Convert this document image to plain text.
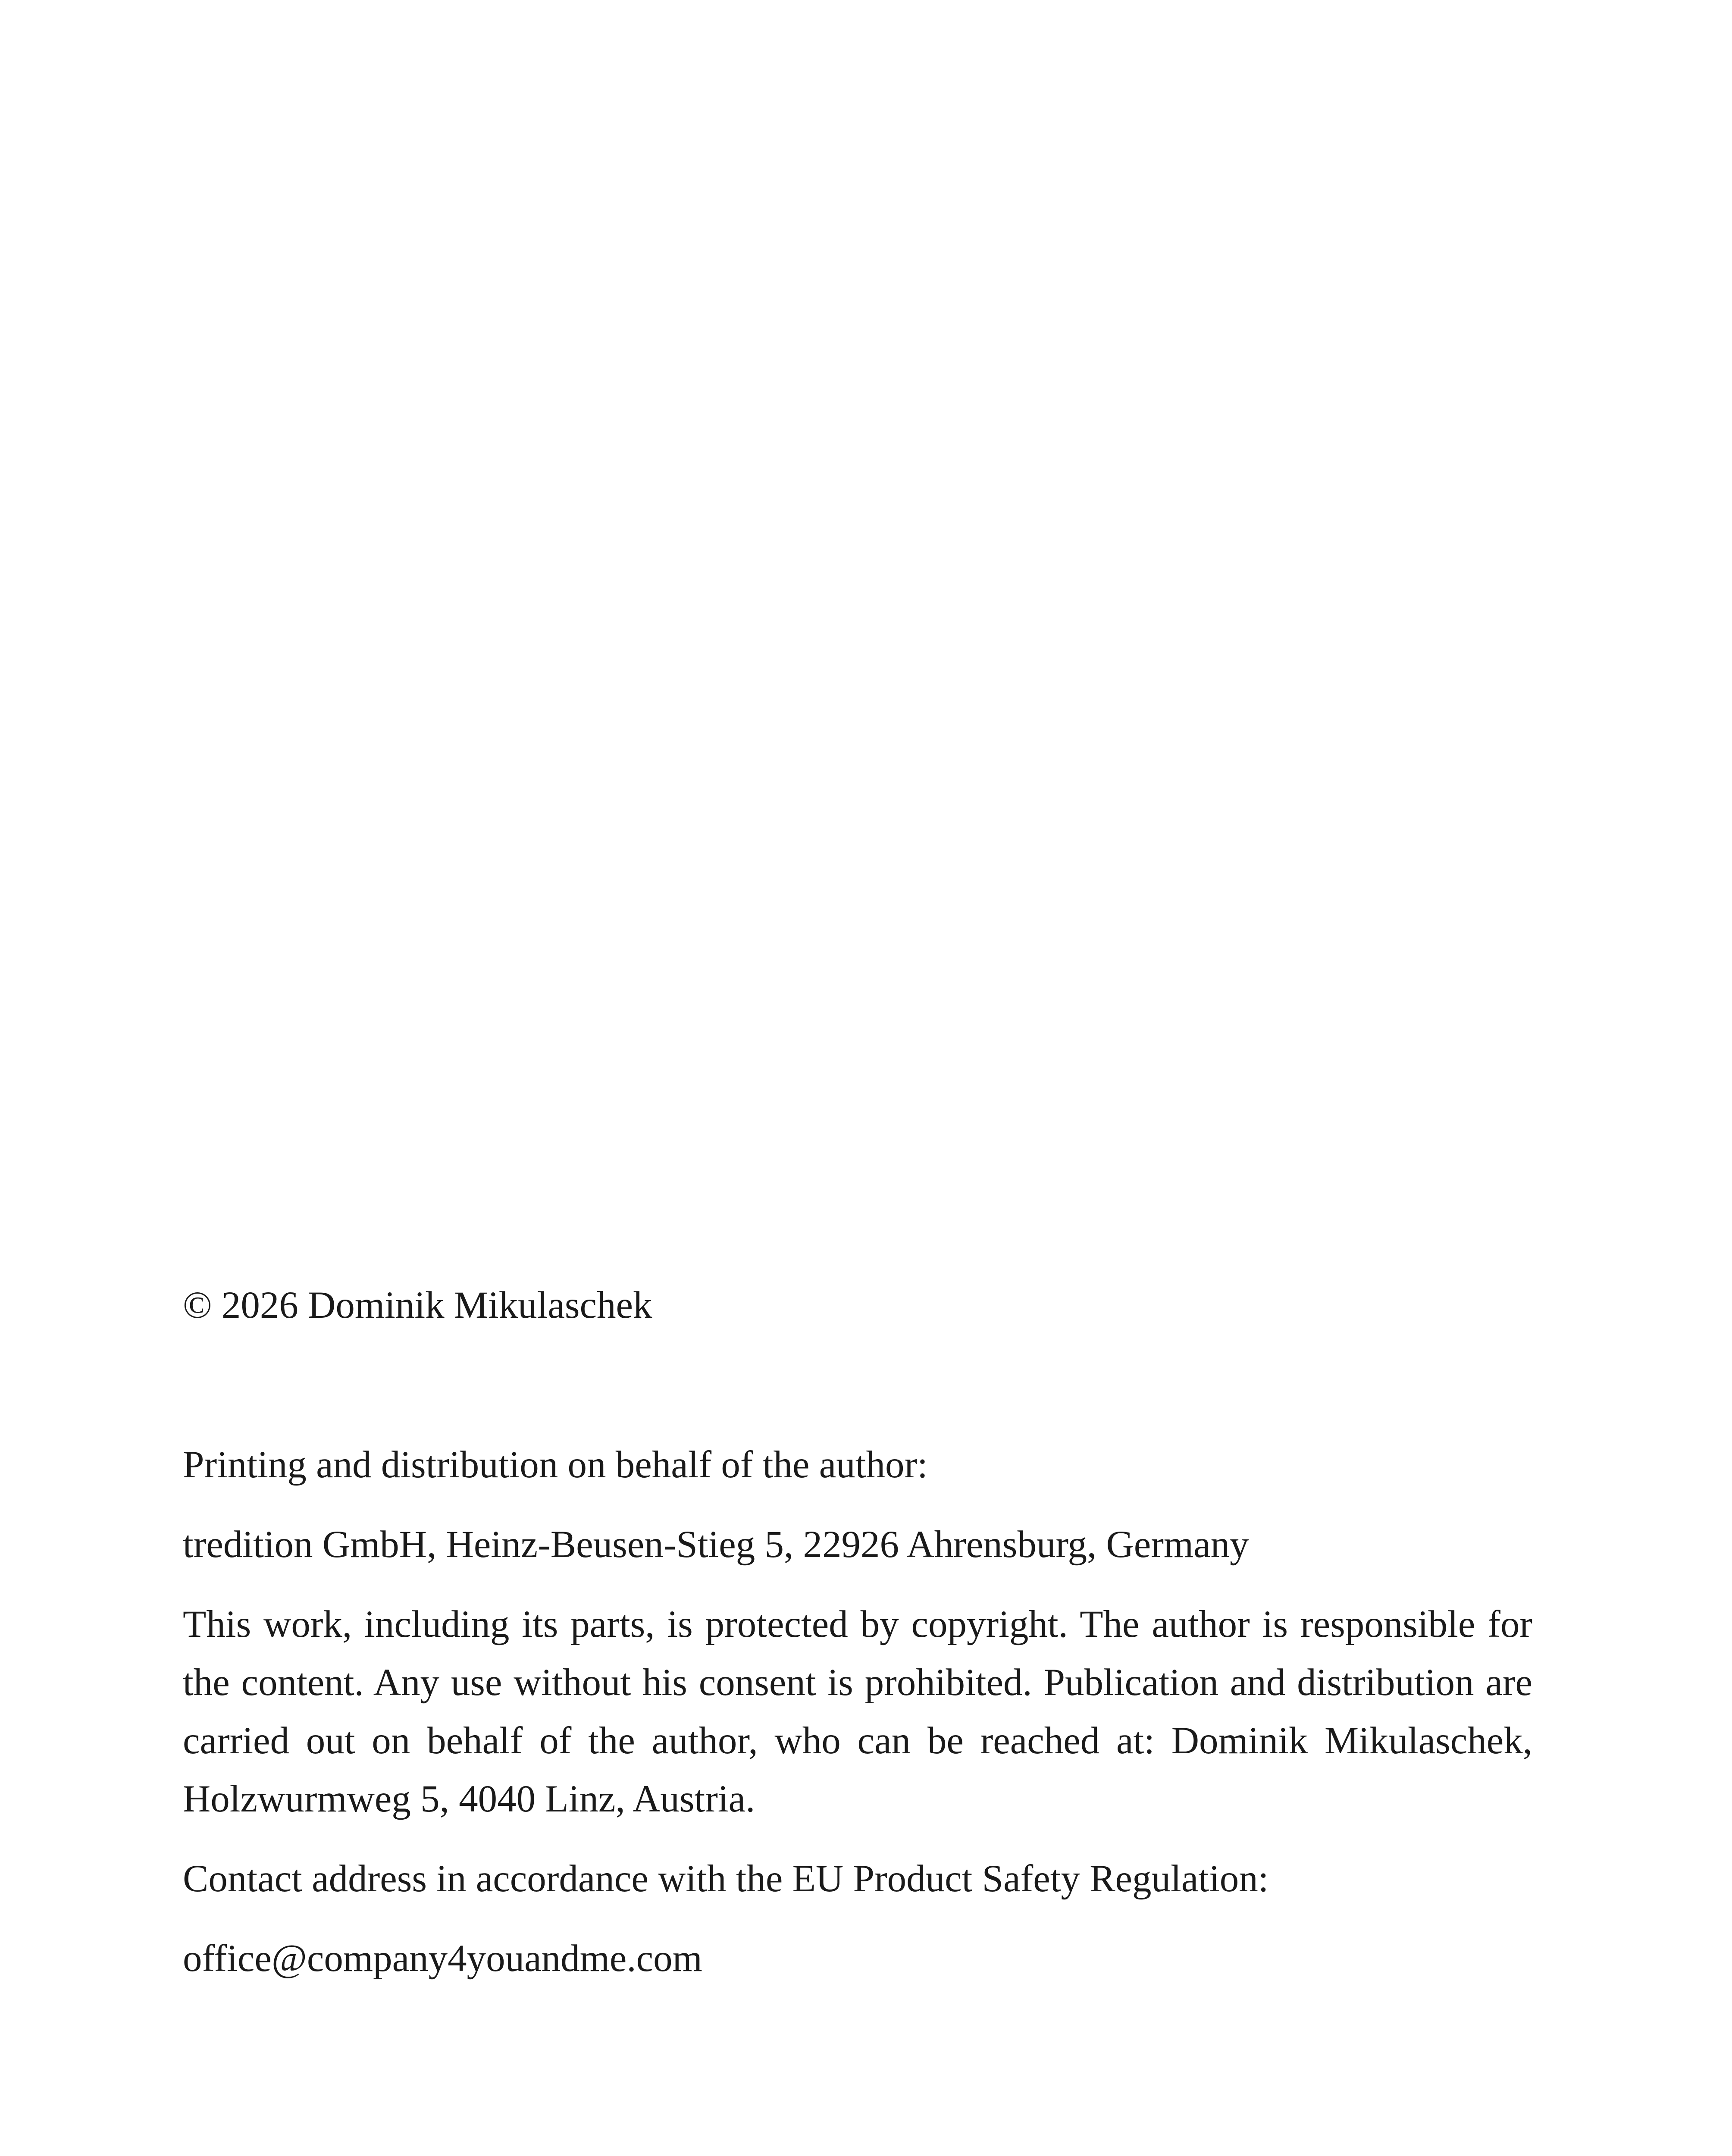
© 2026 Dominik Mikulaschek

Printing and distribution on behalf of the author:

tredition GmbH, Heinz-Beusen-Stieg 5, 22926 Ahrensburg, Germany

This work, including its parts, is protected by copyright. The author is responsible for the content. Any use without his consent is prohibited. Publication and distribution are carried out on behalf of the author, who can be reached at: Dominik Mikulaschek, Holzwurmweg 5, 4040 Linz, Austria.

Contact address in accordance with the EU Product Safety Regulation:

office@company4youandme.com
